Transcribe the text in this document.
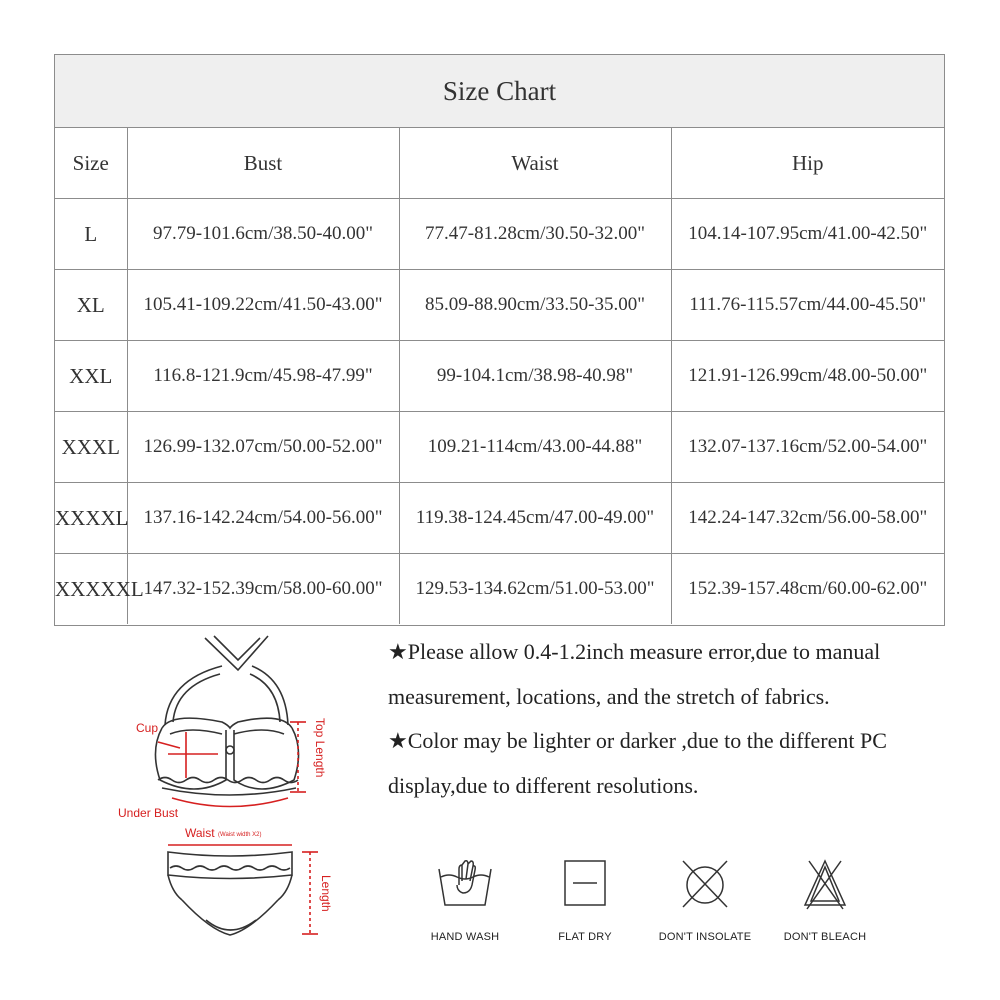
Size Chart
Size	Bust	Waist	Hip
L	97.79-101.6cm/38.50-40.00"	77.47-81.28cm/30.50-32.00"	104.14-107.95cm/41.00-42.50"
XL	105.41-109.22cm/41.50-43.00"	85.09-88.90cm/33.50-35.00"	111.76-115.57cm/44.00-45.50"
XXL	116.8-121.9cm/45.98-47.99"	99-104.1cm/38.98-40.98"	121.91-126.99cm/48.00-50.00"
XXXL	126.99-132.07cm/50.00-52.00"	109.21-114cm/43.00-44.88"	132.07-137.16cm/52.00-54.00"
XXXXL	137.16-142.24cm/54.00-56.00"	119.38-124.45cm/47.00-49.00"	142.24-147.32cm/56.00-58.00"
XXXXXL	147.32-152.39cm/58.00-60.00"	129.53-134.62cm/51.00-53.00"	152.39-157.48cm/60.00-62.00"
Cup	Top Length
Under Bust
Waist (Waist width X2)
Length

★Please allow 0.4-1.2inch measure error,due to manual measurement, locations, and the stretch of fabrics.

★Color may be lighter or darker ,due to the different PC display,due to different resolutions.

HAND WASH	FLAT DRY	DON'T INSOLATE	DON'T BLEACH
